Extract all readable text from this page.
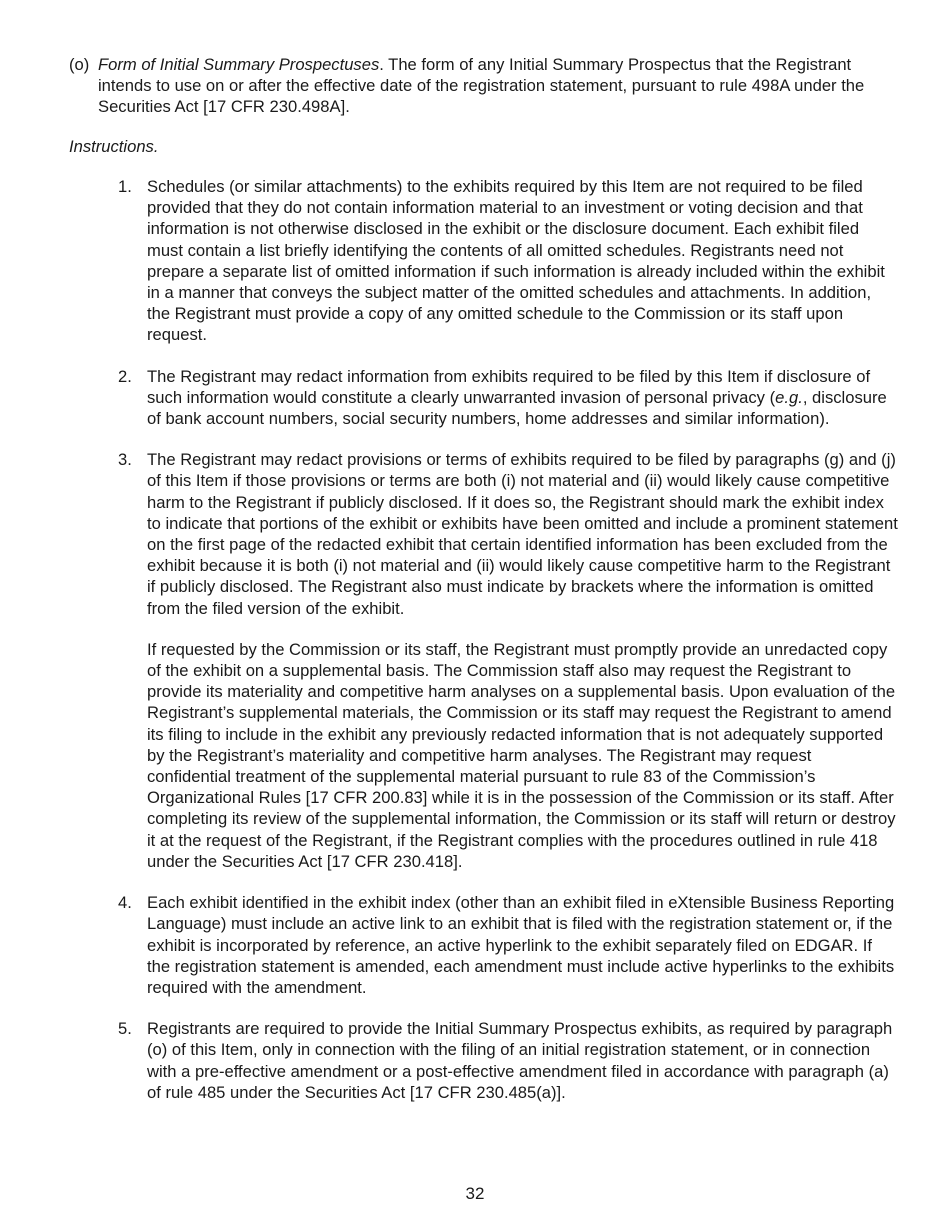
(o) Form of Initial Summary Prospectuses. The form of any Initial Summary Prospectus that the Registrant intends to use on or after the effective date of the registration statement, pursuant to rule 498A under the Securities Act [17 CFR 230.498A].
Instructions.
1. Schedules (or similar attachments) to the exhibits required by this Item are not required to be filed provided that they do not contain information material to an investment or voting decision and that information is not otherwise disclosed in the exhibit or the disclosure document. Each exhibit filed must contain a list briefly identifying the contents of all omitted schedules. Registrants need not prepare a separate list of omitted information if such information is already included within the exhibit in a manner that conveys the subject matter of the omitted schedules and attachments. In addition, the Registrant must provide a copy of any omitted schedule to the Commission or its staff upon request.

2. The Registrant may redact information from exhibits required to be filed by this Item if disclosure of such information would constitute a clearly unwarranted invasion of personal privacy (e.g., disclosure of bank account numbers, social security numbers, home addresses and similar information).

3. The Registrant may redact provisions or terms of exhibits required to be filed by paragraphs (g) and (j) of this Item if those provisions or terms are both (i) not material and (ii) would likely cause competitive harm to the Registrant if publicly disclosed. If it does so, the Registrant should mark the exhibit index to indicate that portions of the exhibit or exhibits have been omitted and include a prominent statement on the first page of the redacted exhibit that certain identified information has been excluded from the exhibit because it is both (i) not material and (ii) would likely cause competitive harm to the Registrant if publicly disclosed. The Registrant also must indicate by brackets where the information is omitted from the filed version of the exhibit.

If requested by the Commission or its staff, the Registrant must promptly provide an unredacted copy of the exhibit on a supplemental basis. The Commission staff also may request the Registrant to provide its materiality and competitive harm analyses on a supplemental basis. Upon evaluation of the Registrant’s supplemental materials, the Commission or its staff may request the Registrant to amend its filing to include in the exhibit any previously redacted information that is not adequately supported by the Registrant’s materiality and competitive harm analyses. The Registrant may request confidential treatment of the supplemental material pursuant to rule 83 of the Commission’s Organizational Rules [17 CFR 200.83] while it is in the possession of the Commission or its staff. After completing its review of the supplemental information, the Commission or its staff will return or destroy it at the request of the Registrant, if the Registrant complies with the procedures outlined in rule 418 under the Securities Act [17 CFR 230.418].

4. Each exhibit identified in the exhibit index (other than an exhibit filed in eXtensible Business Reporting Language) must include an active link to an exhibit that is filed with the registration statement or, if the exhibit is incorporated by reference, an active hyperlink to the exhibit separately filed on EDGAR. If the registration statement is amended, each amendment must include active hyperlinks to the exhibits required with the amendment.

5. Registrants are required to provide the Initial Summary Prospectus exhibits, as required by paragraph (o) of this Item, only in connection with the filing of an initial registration statement, or in connection with a pre-effective amendment or a post-effective amendment filed in accordance with paragraph (a) of rule 485 under the Securities Act [17 CFR 230.485(a)].

32
